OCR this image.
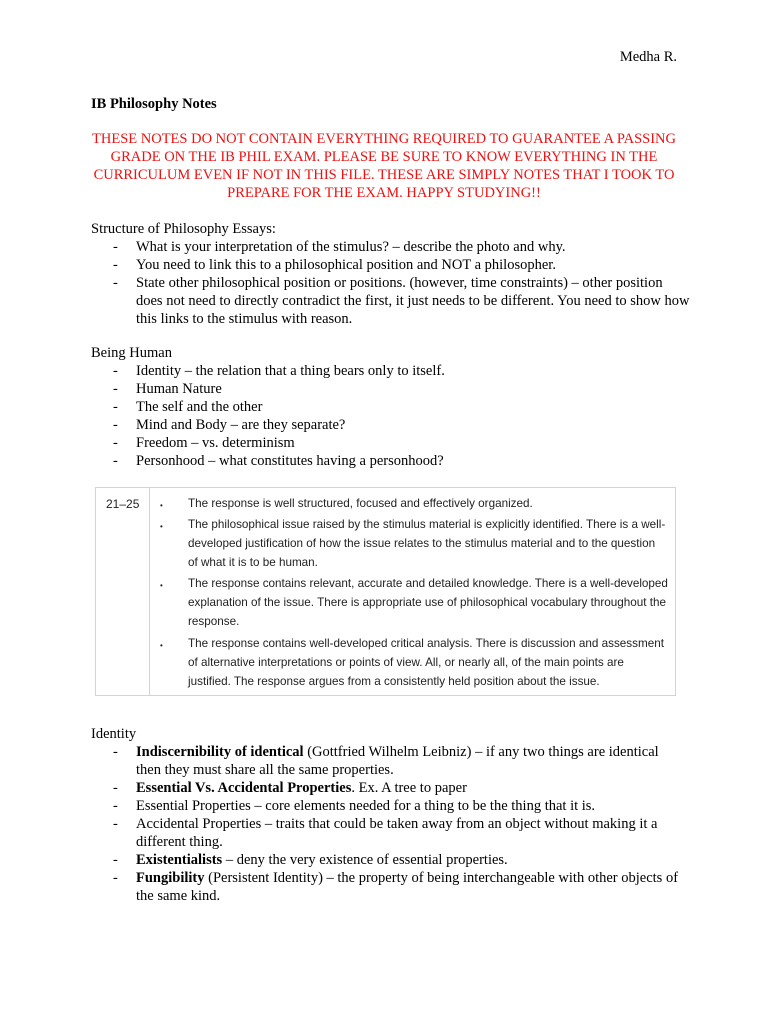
Medha R.
IB Philosophy Notes
THESE NOTES DO NOT CONTAIN EVERYTHING REQUIRED TO GUARANTEE A PASSING GRADE ON THE IB PHIL EXAM. PLEASE BE SURE TO KNOW EVERYTHING IN THE CURRICULUM EVEN IF NOT IN THIS FILE. THESE ARE SIMPLY NOTES THAT I TOOK TO PREPARE FOR THE EXAM. HAPPY STUDYING!!

Structure of Philosophy Essays:

- What is your interpretation of the stimulus? – describe the photo and why.
- You need to link this to a philosophical position and NOT a philosopher.
- State other philosophical position or positions. (however, time constraints) – other position does not need to directly contradict the first, it just needs to be different. You need to show how this links to the stimulus with reason.

Being Human

- Identity – the relation that a thing bears only to itself.
- Human Nature
- The self and the other
- Mind and Body – are they separate?
- Freedom – vs. determinism
- Personhood – what constitutes having a personhood?
21–25	• The response is well structured, focused and effectively organized.
• The philosophical issue raised by the stimulus material is explicitly identified. There is a well-developed justification of how the issue relates to the stimulus material and to the question of what it is to be human.
• The response contains relevant, accurate and detailed knowledge. There is a well-developed explanation of the issue. There is appropriate use of philosophical vocabulary throughout the response.
• The response contains well-developed critical analysis. There is discussion and assessment of alternative interpretations or points of view. All, or nearly all, of the main points are justified. The response argues from a consistently held position about the issue.

Identity

- Indiscernibility of identical (Gottfried Wilhelm Leibniz) – if any two things are identical then they must share all the same properties.
- Essential Vs. Accidental Properties. Ex. A tree to paper
- Essential Properties – core elements needed for a thing to be the thing that it is.
- Accidental Properties – traits that could be taken away from an object without making it a different thing.
- Existentialists – deny the very existence of essential properties.
- Fungibility (Persistent Identity) – the property of being interchangeable with other objects of the same kind.
